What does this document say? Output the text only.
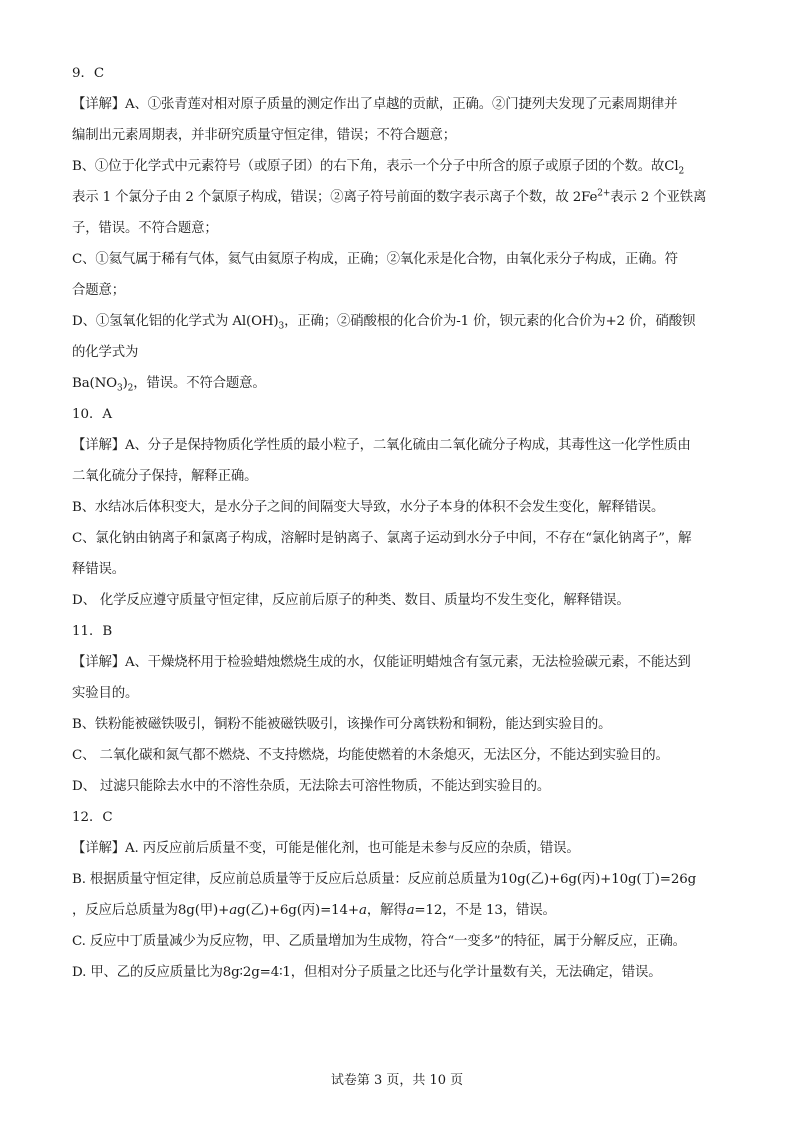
9．C

【详解】A、①张青莲对相对原子质量的测定作出了卓越的贡献，正确。②门捷列夫发现了元素周期律并

编制出元素周期表，并非研究质量守恒定律，错误；不符合题意；

B、①位于化学式中元素符号（或原子团）的右下角，表示一个分子中所含的原子或原子团的个数。故$Cl_2$

表示 1 个氯分子由 2 个氯原子构成，错误；②离子符号前面的数字表示离子个数，故 $2Fe^{2+}$表示 2 个亚铁离

子，错误。不符合题意；

C、①氦气属于稀有气体，氦气由氦原子构成，正确；②氧化汞是化合物，由氧化汞分子构成，正确。符

合题意；

D、①氢氧化铝的化学式为 $Al(OH)_3$，正确；②硝酸根的化合价为-1 价，钡元素的化合价为+2 价，硝酸钡

的化学式为

$Ba(NO_3)_2$，错误。不符合题意。

10．A

【详解】A、分子是保持物质化学性质的最小粒子，二氧化硫由二氧化硫分子构成，其毒性这一化学性质由

二氧化硫分子保持，解释正确。

B、水结冰后体积变大，是水分子之间的间隔变大导致，水分子本身的体积不会发生变化，解释错误。

C、氯化钠由钠离子和氯离子构成，溶解时是钠离子、氯离子运动到水分子中间，不存在“氯化钠离子”，解

释错误。

D、 化学反应遵守质量守恒定律，反应前后原子的种类、数目、质量均不发生变化，解释错误。

11．B

【详解】A、干燥烧杯用于检验蜡烛燃烧生成的水，仅能证明蜡烛含有氢元素，无法检验碳元素，不能达到

实验目的。

B、铁粉能被磁铁吸引，铜粉不能被磁铁吸引，该操作可分离铁粉和铜粉，能达到实验目的。

C、 二氧化碳和氮气都不燃烧、不支持燃烧，均能使燃着的木条熄灭，无法区分，不能达到实验目的。

D、 过滤只能除去水中的不溶性杂质，无法除去可溶性物质，不能达到实验目的。

12．C

【详解】A. 丙反应前后质量不变，可能是催化剂，也可能是未参与反应的杂质，错误。

B. 根据质量守恒定律，反应前总质量等于反应后总质量：反应前总质量为10g(乙)+6g(丙)+10g(丁)=26g

，反应后总质量为8g(甲)+ag(乙)+6g(丙)=14+a，解得a=12，不是 13，错误。

C. 反应中丁质量减少为反应物，甲、乙质量增加为生成物，符合“一变多”的特征，属于分解反应，正确。

D. 甲、乙的反应质量比为8g∶2g=4∶1，但相对分子质量之比还与化学计量数有关，无法确定，错误。

试卷第 3 页，共 10 页
